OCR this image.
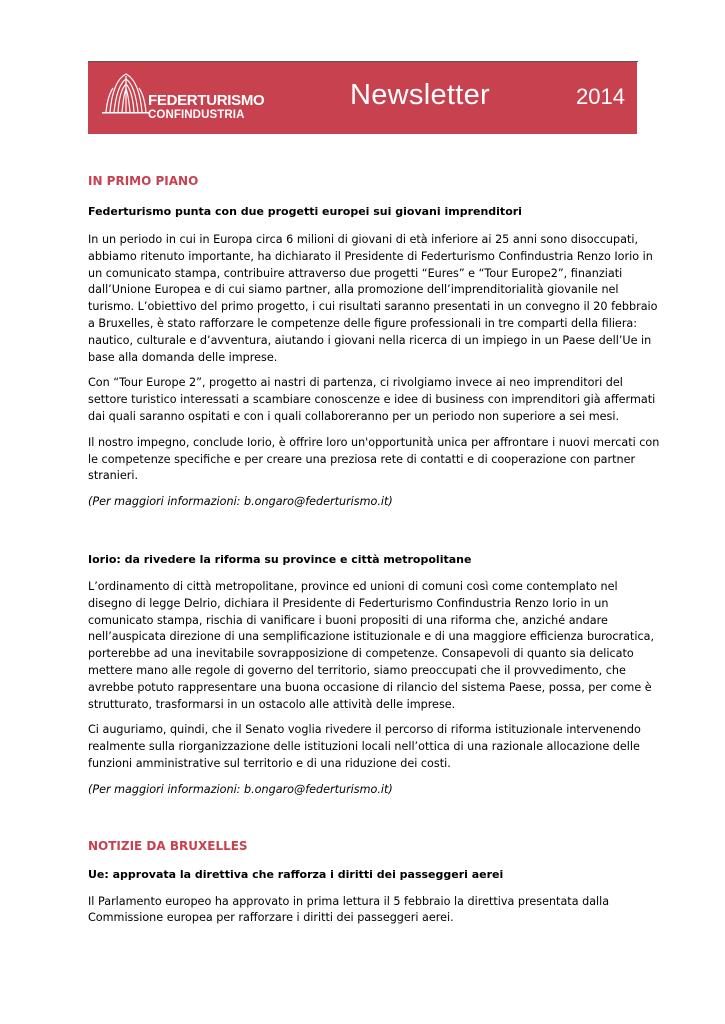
FEDERTURISMO
CONFINDUSTRIA
Newsletter	2014
IN PRIMO PIANO
Federturismo punta con due progetti europei sui giovani imprenditori

In un periodo in cui in Europa circa 6 milioni di giovani di età inferiore ai 25 anni sono disoccupati, abbiamo ritenuto importante, ha dichiarato il Presidente di Federturismo Confindustria Renzo Iorio in un comunicato stampa, contribuire attraverso due progetti “Eures” e “Tour Europe2”, finanziati dall’Unione Europea e di cui siamo partner, alla promozione dell’imprenditorialità giovanile nel turismo. L’obiettivo del primo progetto, i cui risultati saranno presentati in un convegno il 20 febbraio a Bruxelles, è stato rafforzare le competenze delle figure professionali in tre comparti della filiera: nautico, culturale e d’avventura, aiutando i giovani nella ricerca di un impiego in un Paese dell’Ue in base alla domanda delle imprese.

Con “Tour Europe 2”, progetto ai nastri di partenza, ci rivolgiamo invece ai neo imprenditori del settore turistico interessati a scambiare conoscenze e idee di business con imprenditori già affermati dai quali saranno ospitati e con i quali collaboreranno per un periodo non superiore a sei mesi.

Il nostro impegno, conclude Iorio, è offrire loro un'opportunità unica per affrontare i nuovi mercati con le competenze specifiche e per creare una preziosa rete di contatti e di cooperazione con partner stranieri.

(Per maggiori informazioni: b.ongaro@federturismo.it)

Iorio: da rivedere la riforma su province e città metropolitane

L’ordinamento di città metropolitane, province ed unioni di comuni così come contemplato nel disegno di legge Delrio, dichiara il Presidente di Federturismo Confindustria Renzo Iorio in un comunicato stampa, rischia di vanificare i buoni propositi di una riforma che, anziché andare nell’auspicata direzione di una semplificazione istituzionale e di una maggiore efficienza burocratica, porterebbe ad una inevitabile sovrapposizione di competenze. Consapevoli di quanto sia delicato mettere mano alle regole di governo del territorio, siamo preoccupati che il provvedimento, che avrebbe potuto rappresentare una buona occasione di rilancio del sistema Paese, possa, per come è strutturato, trasformarsi in un ostacolo alle attività delle imprese.

Ci auguriamo, quindi, che il Senato voglia rivedere il percorso di riforma istituzionale intervenendo realmente sulla riorganizzazione delle istituzioni locali nell’ottica di una razionale allocazione delle funzioni amministrative sul territorio e di una riduzione dei costi.

(Per maggiori informazioni: b.ongaro@federturismo.it)

NOTIZIE DA BRUXELLES
Ue: approvata la direttiva che rafforza i diritti dei passeggeri aerei

Il Parlamento europeo ha approvato in prima lettura il 5 febbraio la direttiva presentata dalla Commissione europea per rafforzare i diritti dei passeggeri aerei.
